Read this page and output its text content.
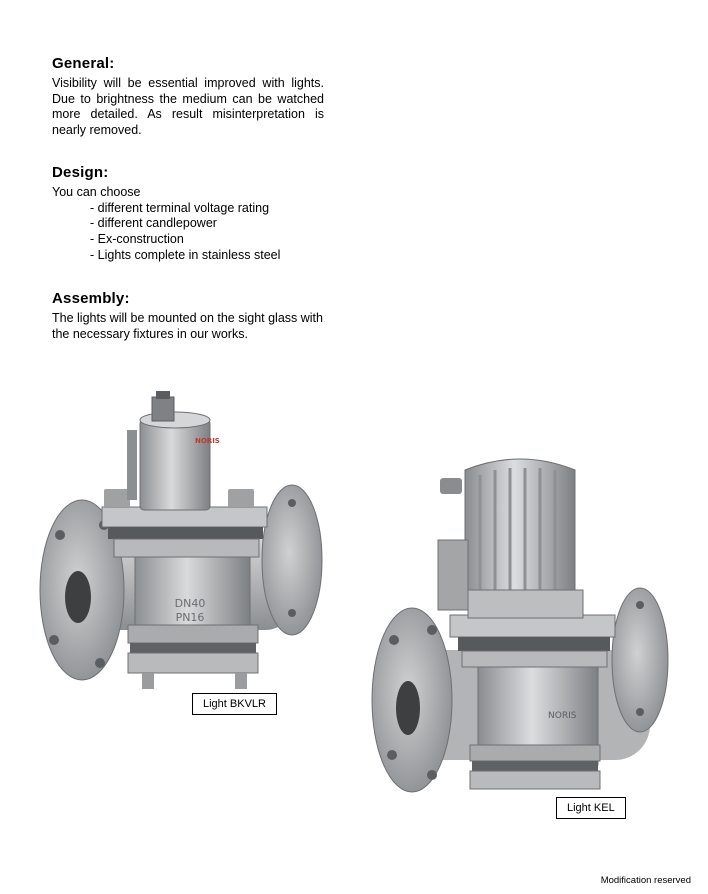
General:

Visibility will be essential improved with lights. Due to brightness the medium can be watched more detailed. As result misinterpretation is nearly removed.

Design:

You can choose

- different terminal voltage rating
- different candlepower
- Ex-construction
- Lights complete in stainless steel
Assembly:

The lights will be mounted on the sight glass with the necessary fixtures in our works.

DN40
PN16
NORIS
NORIS
Light BKVLR
Light KEL
Modification reserved
